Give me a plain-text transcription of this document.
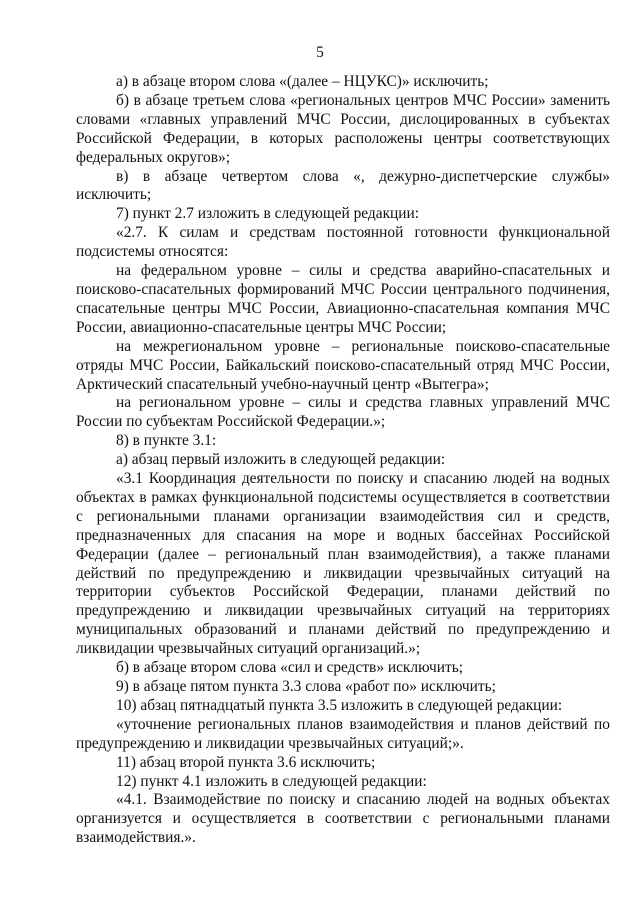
5

а) в абзаце втором слова «(далее – НЦУКС)» исключить;

б) в абзаце третьем слова «региональных центров МЧС России» заменить словами «главных управлений МЧС России, дислоцированных в субъектах Российской Федерации, в которых расположены центры соответствующих федеральных округов»;

в) в абзаце четвертом слова «, дежурно-диспетчерские службы» исключить;

7) пункт 2.7 изложить в следующей редакции:

«2.7. К силам и средствам постоянной готовности функциональной подсистемы относятся:

на федеральном уровне – силы и средства аварийно-спасательных и поисково-спасательных формирований МЧС России центрального подчинения, спасательные центры МЧС России, Авиационно-спасательная компания МЧС России, авиационно-спасательные центры МЧС России;

на межрегиональном уровне – региональные поисково-спасательные отряды МЧС России, Байкальский поисково-спасательный отряд МЧС России, Арктический спасательный учебно-научный центр «Вытегра»;

на региональном уровне – силы и средства главных управлений МЧС России по субъектам Российской Федерации.»;

8) в пункте 3.1:

а) абзац первый изложить в следующей редакции:

«3.1 Координация деятельности по поиску и спасанию людей на водных объектах в рамках функциональной подсистемы осуществляется в соответствии с региональными планами организации взаимодействия сил и средств, предназначенных для спасания на море и водных бассейнах Российской Федерации (далее – региональный план взаимодействия), а также планами действий по предупреждению и ликвидации чрезвычайных ситуаций на территории субъектов Российской Федерации, планами действий по предупреждению и ликвидации чрезвычайных ситуаций на территориях муниципальных образований и планами действий по предупреждению и ликвидации чрезвычайных ситуаций организаций.»;

б) в абзаце втором слова «сил и средств» исключить;

9) в абзаце пятом пункта 3.3 слова «работ по» исключить;

10) абзац пятнадцатый пункта 3.5 изложить в следующей редакции:

«уточнение региональных планов взаимодействия и планов действий по предупреждению и ликвидации чрезвычайных ситуаций;».

11) абзац второй пункта 3.6 исключить;

12) пункт 4.1 изложить в следующей редакции:

«4.1. Взаимодействие по поиску и спасанию людей на водных объектах организуется и осуществляется в соответствии с региональными планами взаимодействия.».
